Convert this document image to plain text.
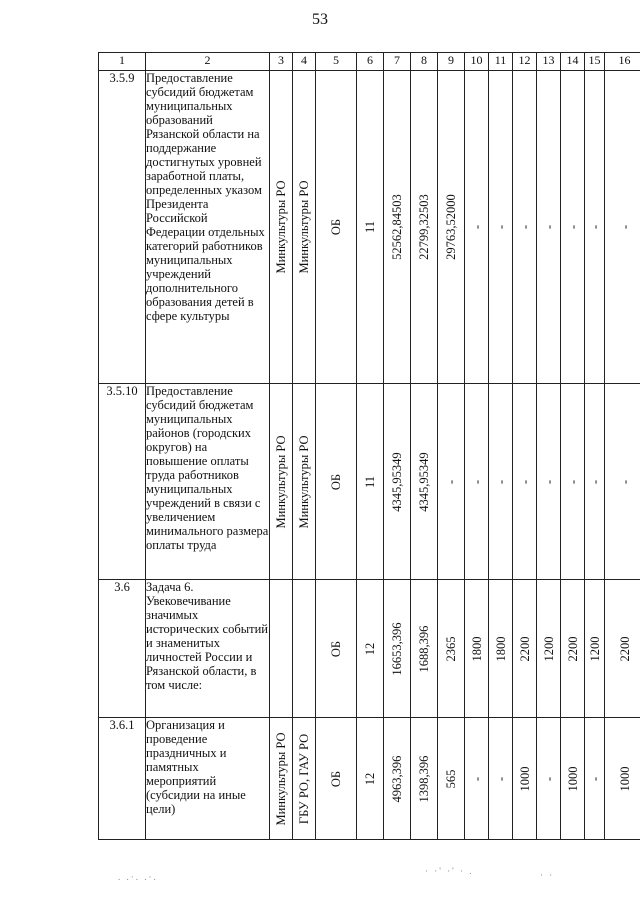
53
1	2	3	4	5	6	7	8	9	10	11	12	13	14	15	16
3.5.9	Предоставление субсидий бюджетам муниципальных образований Рязанской области на поддержание достигнутых уровней заработной платы, определенных указом Президента Российской Федерации отдельных категорий работников муниципальных учреждений дополнительного образования детей в сфере культуры	Минкультуры РО	Минкультуры РО	ОБ	11	52562,84503	22799,32503	29763,52000	-	-	-	-	-	-	-

3.5.10	Предоставление субсидий бюджетам муниципальных районов (городских округов) на повышение оплаты труда работников муниципальных учреждений в связи с увеличением минимального размера оплаты труда	Минкультуры РО	Минкультуры РО	ОБ	11	4345,95349	4345,95349	-	-	-	-	-	-	-	-

3.6	Задача 6. Увековечивание значимых исторических событий и знаменитых личностей России и Рязанской области, в том числе:			ОБ	12	16653,396	1688,396	2365	1800	1800	2200	1200	2200	1200	2200

3.6.1	Организация и проведение праздничных и памятных мероприятий (субсидии на иные цели)	Минкультуры РО	ГБУ РО, ГАУ РО	ОБ	12	4963,396	1398,396	565	-	-	1000	-	1000	-	1000
. .·. .·.
· ·' ·' · .	· ·
